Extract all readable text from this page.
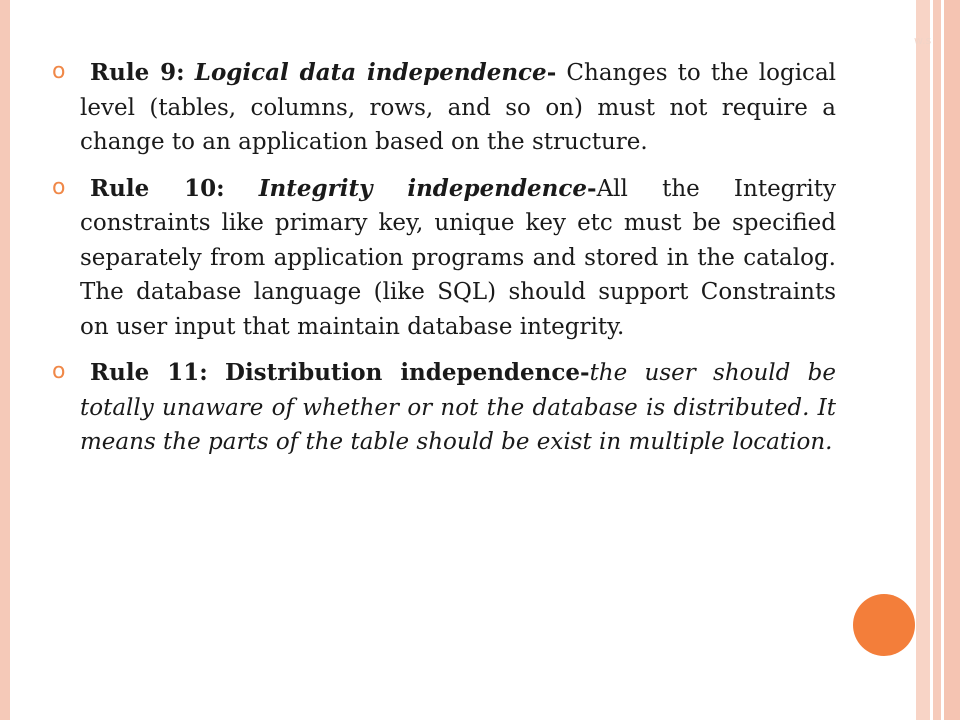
w.s
o	Rule 9: Logical data independence- Changes to the logical level (tables, columns, rows, and so on) must not require a change to an application based on the structure.

o	Rule 10: Integrity independence-All the Integrity constraints like primary key, unique key etc must be specified separately from application programs and stored in the catalog. The database language (like SQL) should support Constraints on user input that maintain database integrity.

o	Rule 11: Distribution independence-the user should be totally unaware of whether or not the database is distributed. It means the parts of the table should be exist in multiple location.
